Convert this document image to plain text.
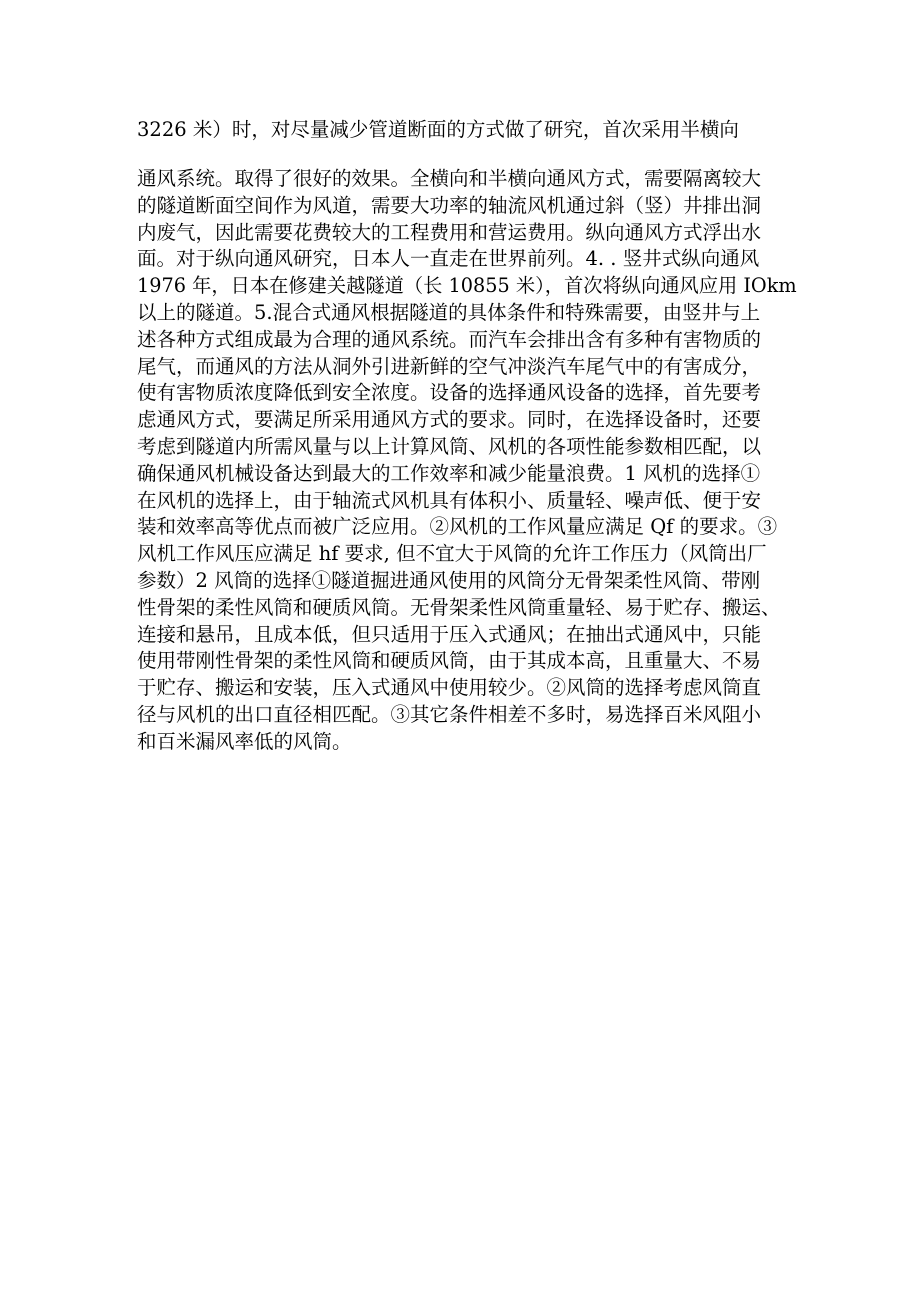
3226 米）时，对尽量减少管道断面的方式做了研究，首次采用半横向
通风系统。取得了很好的效果。全横向和半横向通风方式，需要隔离较大
的隧道断面空间作为风道，需要大功率的轴流风机通过斜（竖）井排出洞
内废气，因此需要花费较大的工程费用和营运费用。纵向通风方式浮出水
面。对于纵向通风研究，日本人一直走在世界前列。4. . 竖井式纵向通风
1976 年，日本在修建关越隧道（长 10855 米），首次将纵向通风应用 IOkm
以上的隧道。5.混合式通风根据隧道的具体条件和特殊需要，由竖井与上
述各种方式组成最为合理的通风系统。而汽车会排出含有多种有害物质的
尾气，而通风的方法从洞外引进新鲜的空气冲淡汽车尾气中的有害成分，
使有害物质浓度降低到安全浓度。设备的选择通风设备的选择，首先要考
虑通风方式，要满足所采用通风方式的要求。同时，在选择设备时，还要
考虑到隧道内所需风量与以上计算风筒、风机的各项性能参数相匹配，以
确保通风机械设备达到最大的工作效率和减少能量浪费。1 风机的选择①
在风机的选择上，由于轴流式风机具有体积小、质量轻、噪声低、便于安
装和效率高等优点而被广泛应用。②风机的工作风量应满足 Qf 的要求。③
风机工作风压应满足 hf 要求, 但不宜大于风筒的允许工作压力（风筒出厂
参数）2 风筒的选择①隧道掘进通风使用的风筒分无骨架柔性风筒、带刚
性骨架的柔性风筒和硬质风筒。无骨架柔性风筒重量轻、易于贮存、搬运、
连接和悬吊，且成本低，但只适用于压入式通风；在抽出式通风中，只能
使用带刚性骨架的柔性风筒和硬质风筒，由于其成本高，且重量大、不易
于贮存、搬运和安装，压入式通风中使用较少。②风筒的选择考虑风筒直
径与风机的出口直径相匹配。③其它条件相差不多时，易选择百米风阻小
和百米漏风率低的风筒。
